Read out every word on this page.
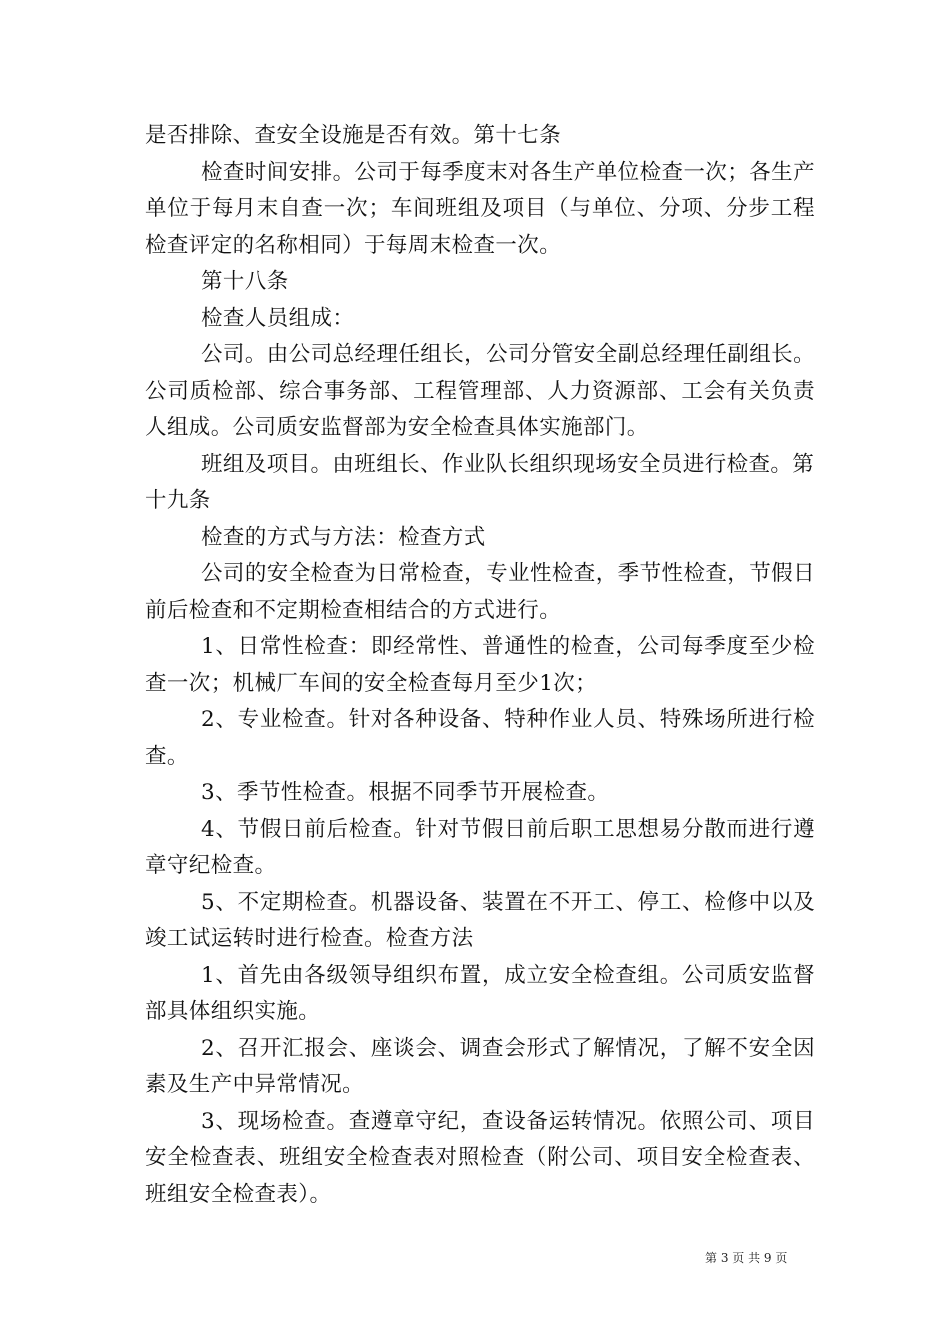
是否排除、查安全设施是否有效。第十七条

检查时间安排。公司于每季度末对各生产单位检查一次；各生产单位于每月末自查一次；车间班组及项目（与单位、分项、分步工程检查评定的名称相同）于每周末检查一次。

第十八条

检查人员组成：

公司。由公司总经理任组长，公司分管安全副总经理任副组长。公司质检部、综合事务部、工程管理部、人力资源部、工会有关负责人组成。公司质安监督部为安全检查具体实施部门。

班组及项目。由班组长、作业队长组织现场安全员进行检查。第十九条

检查的方式与方法：检查方式

公司的安全检查为日常检查，专业性检查，季节性检查，节假日前后检查和不定期检查相结合的方式进行。

1、日常性检查：即经常性、普通性的检查，公司每季度至少检查一次；机械厂车间的安全检查每月至少1次；

2、专业检查。针对各种设备、特种作业人员、特殊场所进行检查。

3、季节性检查。根据不同季节开展检查。

4、节假日前后检查。针对节假日前后职工思想易分散而进行遵章守纪检查。

5、不定期检查。机器设备、装置在不开工、停工、检修中以及竣工试运转时进行检查。检查方法

1、首先由各级领导组织布置，成立安全检查组。公司质安监督部具体组织实施。

2、召开汇报会、座谈会、调查会形式了解情况，了解不安全因素及生产中异常情况。

3、现场检查。查遵章守纪，查设备运转情况。依照公司、项目安全检查表、班组安全检查表对照检查（附公司、项目安全检查表、班组安全检查表）。

第 3 页 共 9 页
